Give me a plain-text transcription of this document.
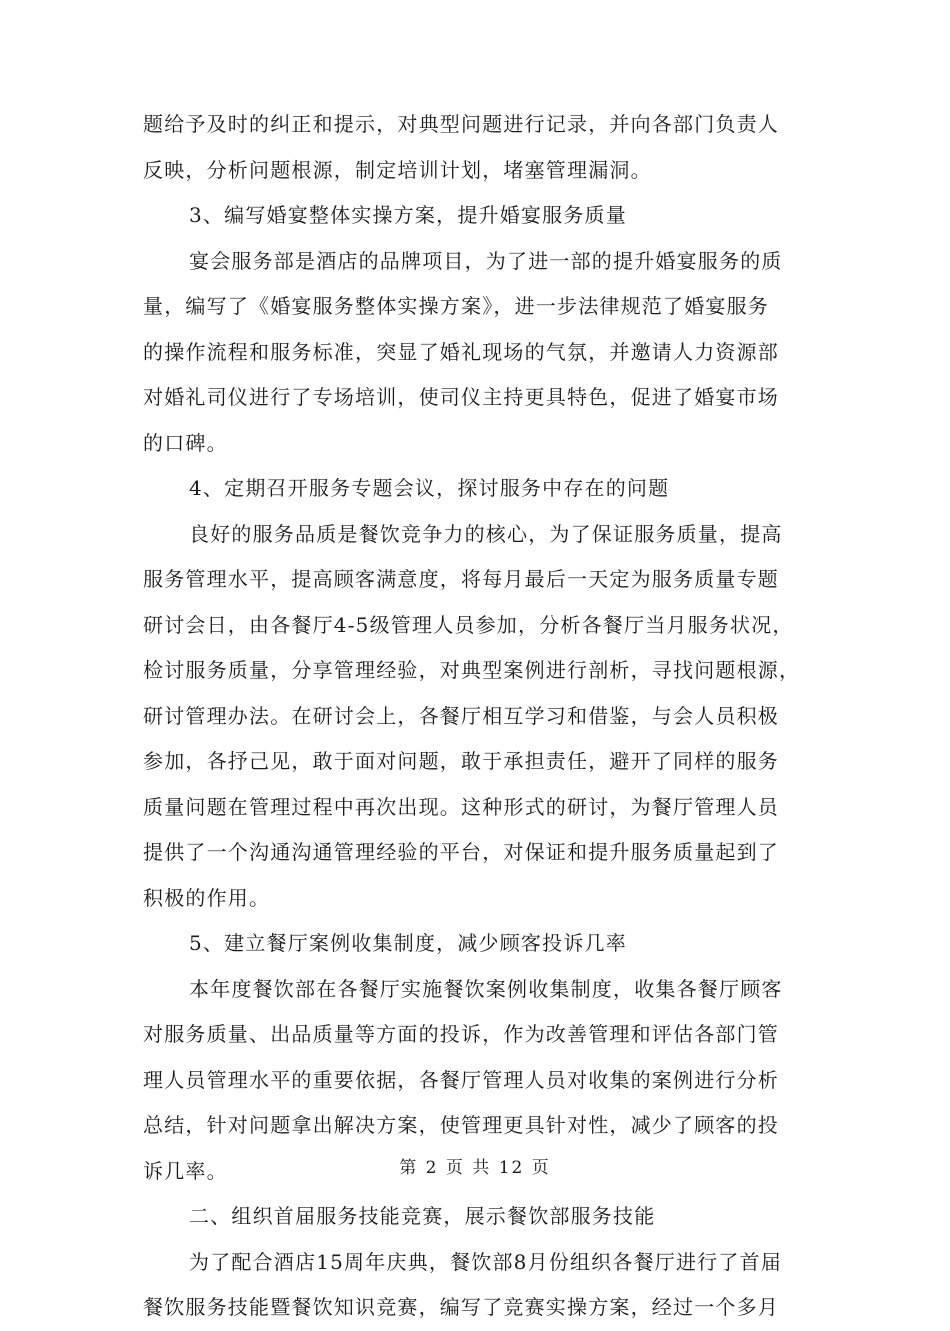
题给予及时的纠正和提示，对典型问题进行记录，并向各部门负责人
反映，分析问题根源，制定培训计划，堵塞管理漏洞。
3、编写婚宴整体实操方案，提升婚宴服务质量
宴会服务部是酒店的品牌项目，为了进一部的提升婚宴服务的质
量，编写了《婚宴服务整体实操方案》，进一步法律规范了婚宴服务
的操作流程和服务标准，突显了婚礼现场的气氛，并邀请人力资源部
对婚礼司仪进行了专场培训，使司仪主持更具特色，促进了婚宴市场
的口碑。
4、定期召开服务专题会议，探讨服务中存在的问题
良好的服务品质是餐饮竞争力的核心，为了保证服务质量，提高
服务管理水平，提高顾客满意度，将每月最后一天定为服务质量专题
研讨会日，由各餐厅4-5级管理人员参加，分析各餐厅当月服务状况，
检讨服务质量，分享管理经验，对典型案例进行剖析，寻找问题根源，
研讨管理办法。在研讨会上，各餐厅相互学习和借鉴，与会人员积极
参加，各抒己见，敢于面对问题，敢于承担责任，避开了同样的服务
质量问题在管理过程中再次出现。这种形式的研讨，为餐厅管理人员
提供了一个沟通沟通管理经验的平台，对保证和提升服务质量起到了
积极的作用。
5、建立餐厅案例收集制度，减少顾客投诉几率
本年度餐饮部在各餐厅实施餐饮案例收集制度，收集各餐厅顾客
对服务质量、出品质量等方面的投诉，作为改善管理和评估各部门管
理人员管理水平的重要依据，各餐厅管理人员对收集的案例进行分析
总结，针对问题拿出解决方案，使管理更具针对性，减少了顾客的投
诉几率。
二、组织首届服务技能竞赛，展示餐饮部服务技能
为了配合酒店15周年庆典，餐饮部8月份组织各餐厅进行了首届
餐饮服务技能暨餐饮知识竞赛，编写了竞赛实操方案，经过一个多月
第 2 页 共 12 页
